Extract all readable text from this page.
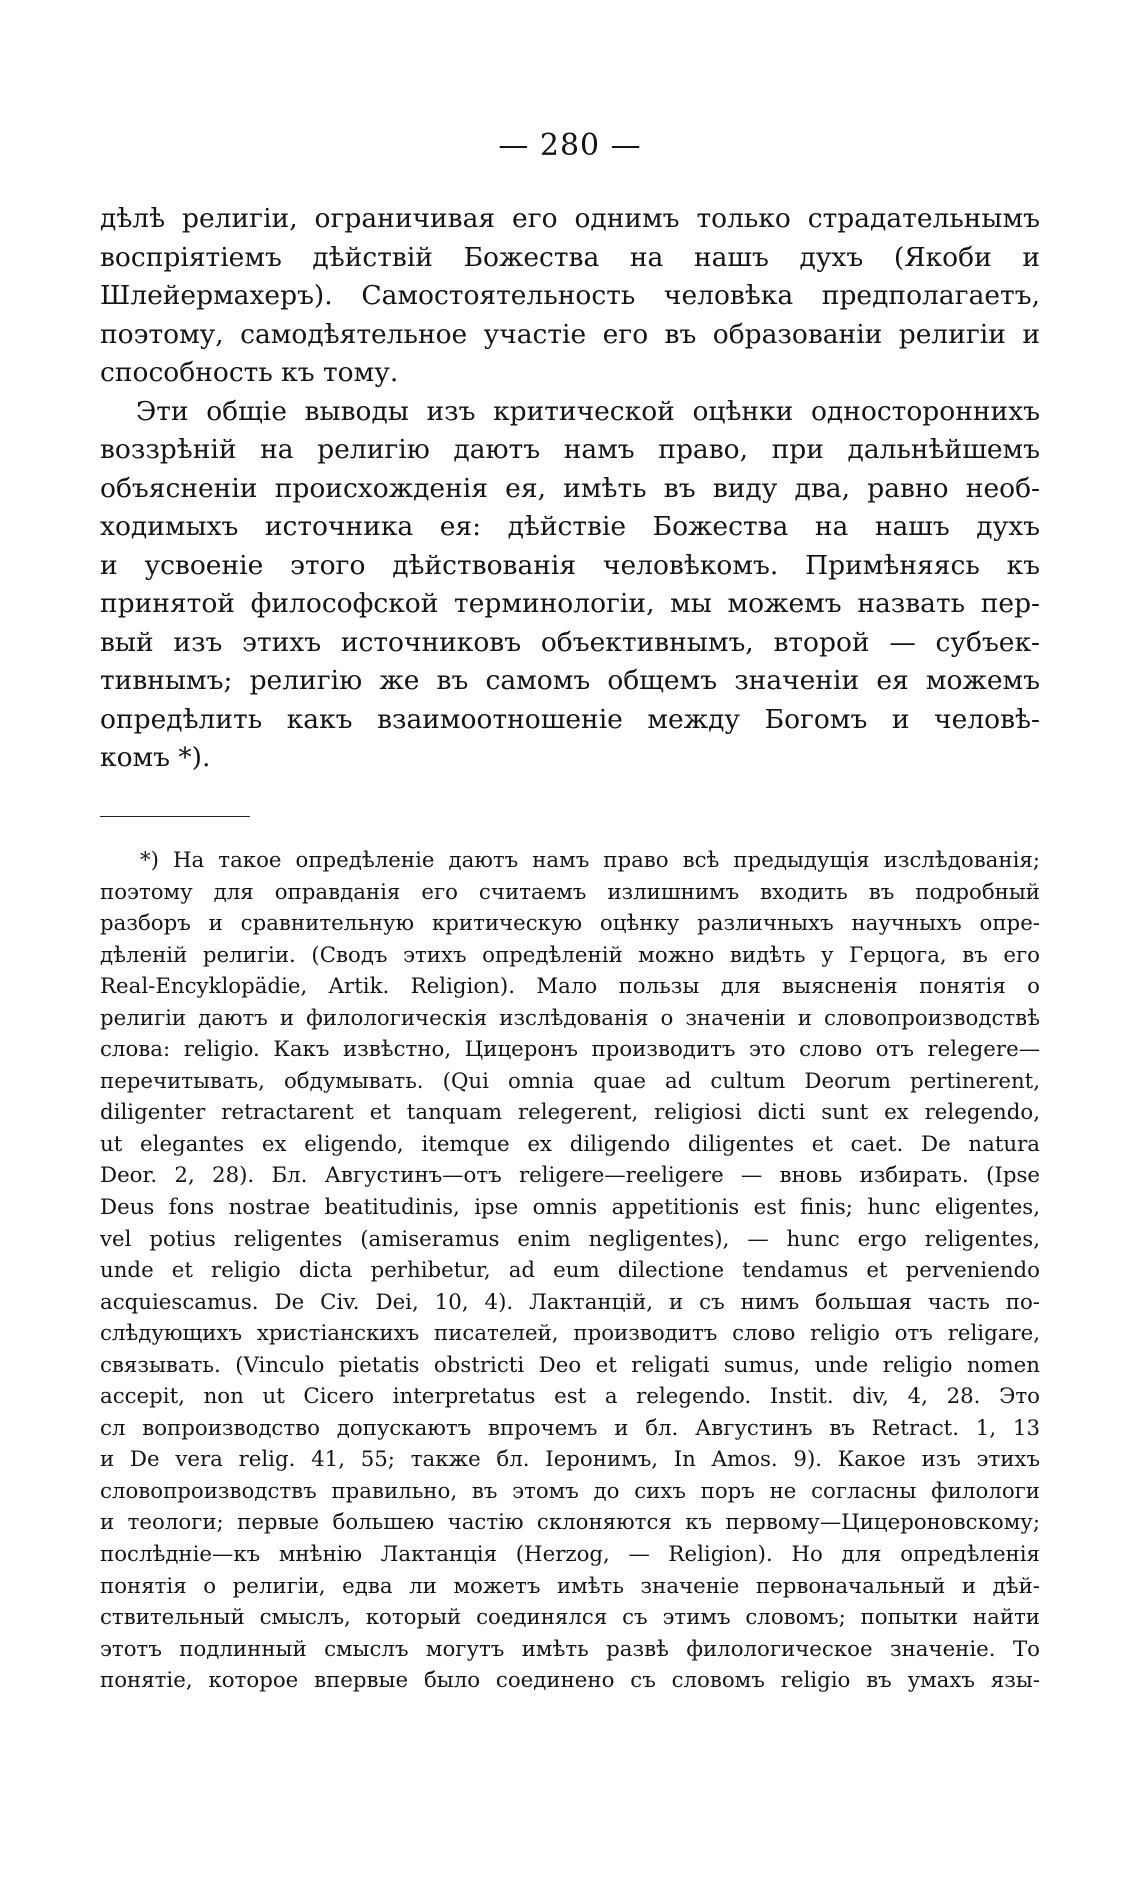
— 280 —
дѣлѣ религіи, ограничивая его однимъ только страдательнымъ
воспріятіемъ дѣйствій Божества на нашъ духъ (Якоби и
Шлейермахеръ). Самостоятельность человѣка предполагаетъ,
поэтому, самодѣятельное участіе его въ образованіи религіи и
способность къ тому.
Эти общіе выводы изъ критической оцѣнки одностороннихъ
воззрѣній на религію даютъ намъ право, при дальнѣйшемъ
объясненіи происхожденія ея, имѣть въ виду два, равно необ-
ходимыхъ источника ея: дѣйствіе Божества на нашъ духъ
и усвоеніе этого дѣйствованія человѣкомъ. Примѣняясь къ
принятой философской терминологіи, мы можемъ назвать пер-
вый изъ этихъ источниковъ объективнымъ, второй — субъек-
тивнымъ; религію же въ самомъ общемъ значеніи ея можемъ
опредѣлить какъ взаимоотношеніе между Богомъ и человѣ-
комъ *).
*) На такое опредѣленіе даютъ намъ право всѣ предыдущія изслѣдованія;
поэтому для оправданія его считаемъ излишнимъ входить въ подробный
разборъ и сравнительную критическую оцѣнку различныхъ научныхъ опре-
дѣленій религіи. (Сводъ этихъ опредѣленій можно видѣть у Герцога, въ его
Real-Encyklopädie, Artik. Religion). Мало пользы для выясненія понятія о
религіи даютъ и филологическія изслѣдованія о значеніи и словопроизводствѣ
слова: religio. Какъ извѣстно, Цицеронъ производитъ это слово отъ relegere—
перечитывать, обдумывать. (Qui omnia quae ad cultum Deorum pertinerent,
diligenter retractarent et tanquam relegerent, religiosi dicti sunt ex relegendo,
ut elegantes ex eligendo, itemque ex diligendo diligentes et caet. De natura
Deor. 2, 28). Бл. Августинъ—отъ religere—reeligere — вновь избирать. (Ipse
Deus fons nostrae beatitudinis, ipse omnis appetitionis est finis; hunc eligentes,
vel potius religentes (amiseramus enim negligentes), — hunc ergo religentes,
unde et religio dicta perhibetur, ad eum dilectione tendamus et perveniendo
acquiescamus. De Civ. Dei, 10, 4). Лактанцій, и съ нимъ большая часть по-
слѣдующихъ христіанскихъ писателей, производитъ слово religio отъ religare,
связывать. (Vinculo pietatis obstricti Deo et religati sumus, unde religio nomen
accepit, non ut Cicero interpretatus est a relegendo. Instit. div, 4, 28. Это
сл вопроизводство допускаютъ впрочемъ и бл. Августинъ въ Retract. 1, 13
и De vera relig. 41, 55; также бл. Іеронимъ, In Amos. 9). Какое изъ этихъ
словопроизводствъ правильно, въ этомъ до сихъ поръ не согласны филологи
и теологи; первые большею частію склоняются къ первому—Цицероновскому;
послѣдніе—къ мнѣнію Лактанція (Herzog, — Religion). Но для опредѣленія
понятія о религіи, едва ли можетъ имѣть значеніе первоначальный и дѣй-
ствительный смыслъ, который соединялся съ этимъ словомъ; попытки найти
этотъ подлинный смыслъ могутъ имѣть развѣ филологическое значеніе. То
понятіе, которое впервые было соединено съ словомъ religio въ умахъ язы-
